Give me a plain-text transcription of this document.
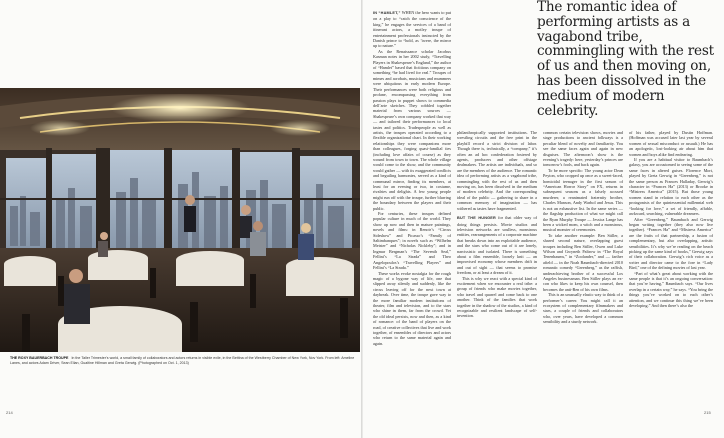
THE ROXY BAUERBACH TROUPE In the Taller Trimester’s world, a small family of collaborators and actors returns in visible exile, in the Bettina of the Westberry Chamber of New York, Nov York. From left: Ameline Lanes, and actors Adam Driver, Sean Ellan, Gualtine Hillman and Greta Gerwig. (Photographed on Oct. 1, 2013)
214	215

IN “HAMLET,” WHEN the hero wants to put on a play to “catch the conscience of the king,” he engages the services of a band of itinerant actors, a motley troupe of entertainment professionals instructed by the Danish prince to “hold, as ’twere, the mirror up to nature.”

As the Renaissance scholar Jacobus Kasman notes in her 2002 study, “Travelling Players in Shakespeare’s England,” the author of “Hamlet” based that fictitious company on something “he had lived for real.” Troupes of mimes and acrobats, musicians and mummers were ubiquitous in early modern Europe. Their performances were both religious and profane, encompassing everything from passion plays to puppet shows to commedia dell’arte sketches. They cobbled together material from various sources — Shakespeare’s own company worked that way — and tailored their performances to local tastes and politics. Tradespeople as well as artists, the troupes operated according to a flexible organizational chart. In their working relationships they were companions more than colleagues, forging quasi-familial ties (including love affairs of course) as they wound from town to town. The whole village would come to the show, and the community would gather — with its exaggerated conflicts and beguiling harmonies, served as a kind of communal mirror, finding its members, at least for an evening or two, in costume, rivalries and delights. A few young people might run off with the troupe, further blurring the boundary between the players and their public.

For centuries, these troupes defined popular culture in much of the world. They show up now and then in mature paintings, novels and films: in Renoir’s “Circus Sideshow” and Picasso’s “Family of Saltimbanques”; in novels such as “Wilhelm Meister” and “Nicholas Nickleby”; and in Ingmar Bergman’s “The Seventh Seal,” Fellini’s “La Strada” and Theo Angelopoulos’s “Travelling Players” and Fellini’s “La Strada.”

These works evoke nostalgia for the rough magic of a bygone way of life, one that slipped away silently and suddenly, like the circus leaving off for the next town at daybreak. Over time, the troupe gave way to the more familiar modern institutions of theater, film and television, and to the stars who shine in them, far from the crowd. Yet the old ideal persists, now and then, as a kind of romance: of the band of players on the road, of creative collectives that live and work together, of ensembles of directors and actors who return to the same material again and again.

The romantic idea of performing artists as a vagabond tribe, commingling with the rest of us and then moving on, has been dissolved in the medium of modern celebrity.

philanthropically supported institutions. The wrestling circuits and the free print in the playbill record a strict division of labor. Though there is, technically, a “company,” it’s often an ad hoc confederation fostered by agents, producers and other offstage dealmakers. The artists are individuals, and so are the members of the audience. The romantic idea of performing artists as a vagabond tribe, commingling with the rest of us and then moving on, has been dissolved in the medium of modern celebrity. And the corresponding ideal of the public — gathering to share in a common memory of imagination — has withered as tastes have fragmented.

BUT THE HUNGER for that older way of doing things persists. Movie studios and television networks are soulless, monstrous entities, rearrangements of a corporate machine that breaks down into an exploitable audience, and the stars who come out of it are lonely, narcissistic and isolated. There is something about a film ensemble, loosely knit — an improvised economy whose members drift in and out of sight — that seems to promise freedom, or at least a dream of it.

This is why we react with a special kind of excitement when we encounter a real tribe: a group of friends who make movies together, who travel and quarrel and come back to one another. Think of the families that work together in the shadow of the studios, a kind of recognizable and resilient landscape of self-invention.

common certain television shows, movies and stage productions to ancient folkways is a peculiar blend of novelty and familiarity. You see the same faces again and again in new disguises. The afternoon’s show is the evening’s tragedy: here, yesterday’s princes are tomorrow’s fools, and back again.

To be more specific: The young actor Dean Peyton, who cropped up once as a sweet-faced, homicidal teenager in the first season of “American Horror Story” on FX, returns in subsequent seasons as a falsely accused murderer, a reanimated fraternity brother, Charles Manson, Andy Warhol and Jesus. This is not an exhaustive list. In the same series — the flagship production of what we might call the Ryan Murphy Troupe — Jessica Lange has been a wicked mom, a witch and a monstrous, musical monster of ceremonies.

To take another example: Ben Stiller, a shared second nature, overlapping guest troupes including Ben Stiller, Owen and Luke Wilson and Gwyneth Paltrow in “The Royal Tenenbaums,” in “Zoolander,” and — farther afield — in the Noah Baumbach-directed 2010 romantic comedy “Greenberg,” as the raffish, underachieving brother of a successful Los Angeles businessman. Ben Stiller plays an ex-con who likes to keep his own counsel, then becomes the anti-Ben of his own films.

This is an unusually elastic way to think of a performer’s career. You might call it an ecosystem of complementary filmmakers and stars, a couple of friends and collaborators who, over years, have developed a common sensibility and a sturdy network.

of his father, played by Dustin Hoffman. (Hoffman was accused later last year by several women of sexual misconduct or assault.) He has an apologetic, lost-looking air about him that women and boys alike find endearing.

If you are a habitual visitor to Baumbach’s galaxy, you are accustomed to seeing some of the same faces in altered guises. Florence Mort, played by Greta Gerwig in “Greenberg,” is not the same person as Frances Halladay, Gerwig’s character in “Frances Ha” (2013) or Brooke in “Mistress America” (2015). But those young women stand in relation to each other as the protagonists of the quintessential millennial web “looking for love,” a set of friendly, affable, awkward, searching, vulnerable dreamers.

After “Greenberg,” Baumbach and Gerwig began writing together (they also now live together). “Frances Ha” and “Mistress America” are the fruits of that partnership, a fusion of complementary, but also overlapping, artistic sensibilities. It’s why we’re reading on the beach picking up the same kind of books,” Gerwig says of their collaboration. Gerwig’s rich voice as a writer and director came to the fore in “Lady Bird,” one of the defining movies of last year.

“Part of what’s great about working with the same people is that it’s an ongoing conversation: that you’re having,” Baumbach says. “Our lives overlap in a certain way,” he says. “You bring the things you’ve worked on to each other’s attention, and we continue this thing we’ve been developing.” And then there’s also the
